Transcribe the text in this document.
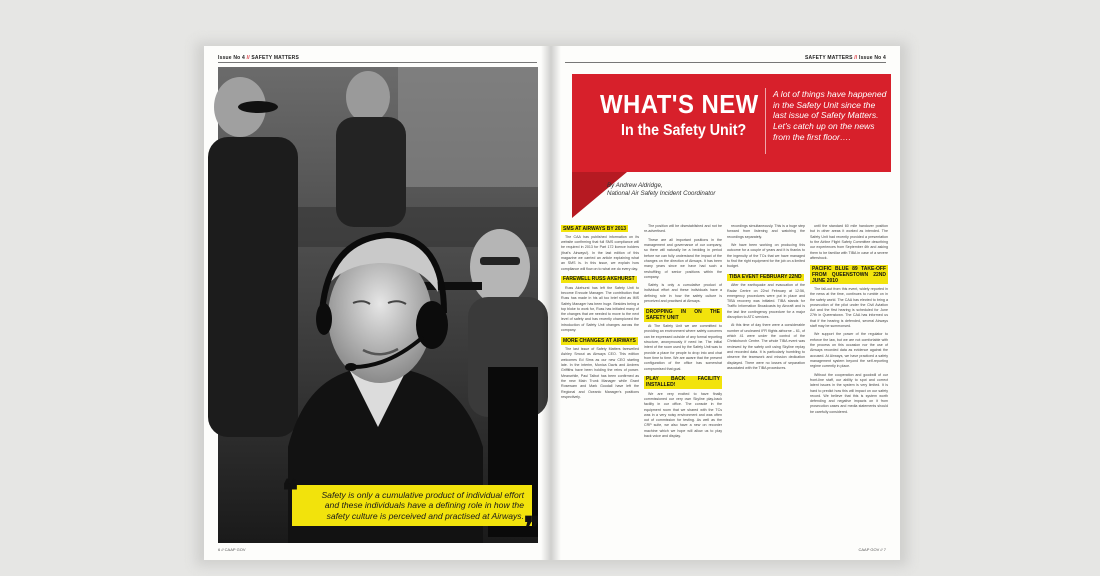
Issue No 4 // SAFETY MATTERS
❝	Safety is only a cumulative product of individual effort and these individuals have a defining role in how the safety culture is perceived and practised at Airways. ❞
6 // CAAP GOV
SAFETY MATTERS // Issue No 4
WHAT'S NEW
In the Safety Unit?
A lot of things have happened in the Safety Unit since the last issue of Safety Matters. Let's catch up on the news from the first floor….
By Andrew Aldridge,
National Air Safety Incident Coordinator
SMS AT AIRWAYS BY 2013

The CAA has published information on its website confirming that full SMS compliance will be required in 2013 for Part 172 licence holders (that's Airways!). In the last edition of this magazine we carried an article explaining what an SMS is. In this issue, we explain how compliance will flow on to what we do every day.

FAREWELL RUSS AKEHURST

Russ Akehurst has left the Safety Unit to become Enroute Manager. The contribution that Russ has made in his all too brief stint as IMS Safety Manager has been huge. Besides being a top bloke to work for, Russ has initiated many of the changes that we needed to move to the next level of safety and has recently championed the introduction of Safety Unit changes across the company.

MORE CHANGES AT AIRWAYS

The last issue of Safety Matters farewelled Ashley Smout as Airways CEO. This edition welcomes Ed Sims as our new CEO starting late. In the interim, Monica Davis and Andrew Griffiths have been holding the reins of power. Meanwhile, Paul Talbot has been confirmed as the new Main Trunk Manager while Grant Rosewarn and Mark Goodall have left the Regional and Oceanic Manager's positions respectively.

The position will be disestablished and not be re-advertised.

These are all important positions in the management and governance of our company, so there will naturally be a bedding in period before we can fully understand the impact of the changes on the direction of Airways. It has been many years since we have had such a reshuffling of senior positions within the company.

Safety is only a cumulative product of individual effort and these individuals have a defining role in how the safety culture is perceived and practised at Airways.

DROPPING IN ON THE SAFETY UNIT

At The Safety Unit we are committed to providing an environment where safety concerns can be expressed outside of any formal reporting structure, anonymously if need be. The initial intent of the room used by the Safety Unit was to provide a place for people to drop into and chat from time to time. We are aware that the present configuration of the office has somewhat compromised that goal.

PLAY BACK FACILITY INSTALLED!

We are very excited to have finally commissioned our very own Skyline play-back facility in our office. The console in the equipment room that we shared with the TCs was in a very noisy environment and was often out of commission for testing. As well as the CRP suite, we also have a new on recorder machine which we hope will allow us to play back voice and display.

recordings simultaneously. This is a huge step forward from listening and watching the recordings separately.

We have been working on producing this outcome for a couple of years and it is thanks to the ingenuity of the TCs that we have managed to find the right equipment for the job on a limited budget.

TIBA EVENT FEBRUARY 22ND

After the earthquake and evacuation of the Radar Centre on 22nd February at 12:56, emergency procedures were put in place and TIBA recovery was initiated. TIBA stands for Traffic Information Broadcasts by Aircraft and is the last line contingency procedure for a major disruption to ATC services.

At this time of day there were a considerable number of uncleared IFR flights airborne – 61, of which 41 were under the control of the Christchurch Centre. The whole TIBA event was reviewed by the safety unit using Skyline replay and recorded data. It is particularly humbling to observe the teamwork and mission dedication displayed. There were no losses of separation associated with the TIBA procedures.

until the standard 60 mile handover position but in other areas it worked as intended. The Safety Unit had recently provided a presentation to the Airline Flight Safety Committee describing our experiences from September 4th and asking them to be familiar with TIBA in case of a severe aftershock.

PACIFIC BLUE 89 TAKE-OFF FROM QUEENSTOWN 22ND JUNE 2010

The fall-out from this event, widely reported in the news at the time, continues to rumble on in the safety world. The CAA has elected to bring a prosecution of the pilot under the Civil Aviation Act and the first hearing is scheduled for June 27th in Queenstown. The CAA has informed us that if the hearing is defended, several Airways staff may be summonsed.

We support the power of the regulator to enforce the law, but we are not comfortable with the process on this occasion nor the use of Airways recorded data as evidence against the accused. At Airways, we have practiced a safety management system beyond the self-reporting regime currently in place.

Without the cooperation and goodwill of our front-line staff, our ability to spot and correct latent issues in the system is very limited. It is hard to predict how this will impact on our safety record. We believe that this is system worth defending and negative impacts on it from prosecution cases and media statements should be carefully considered.

CAAP GOV // 7
